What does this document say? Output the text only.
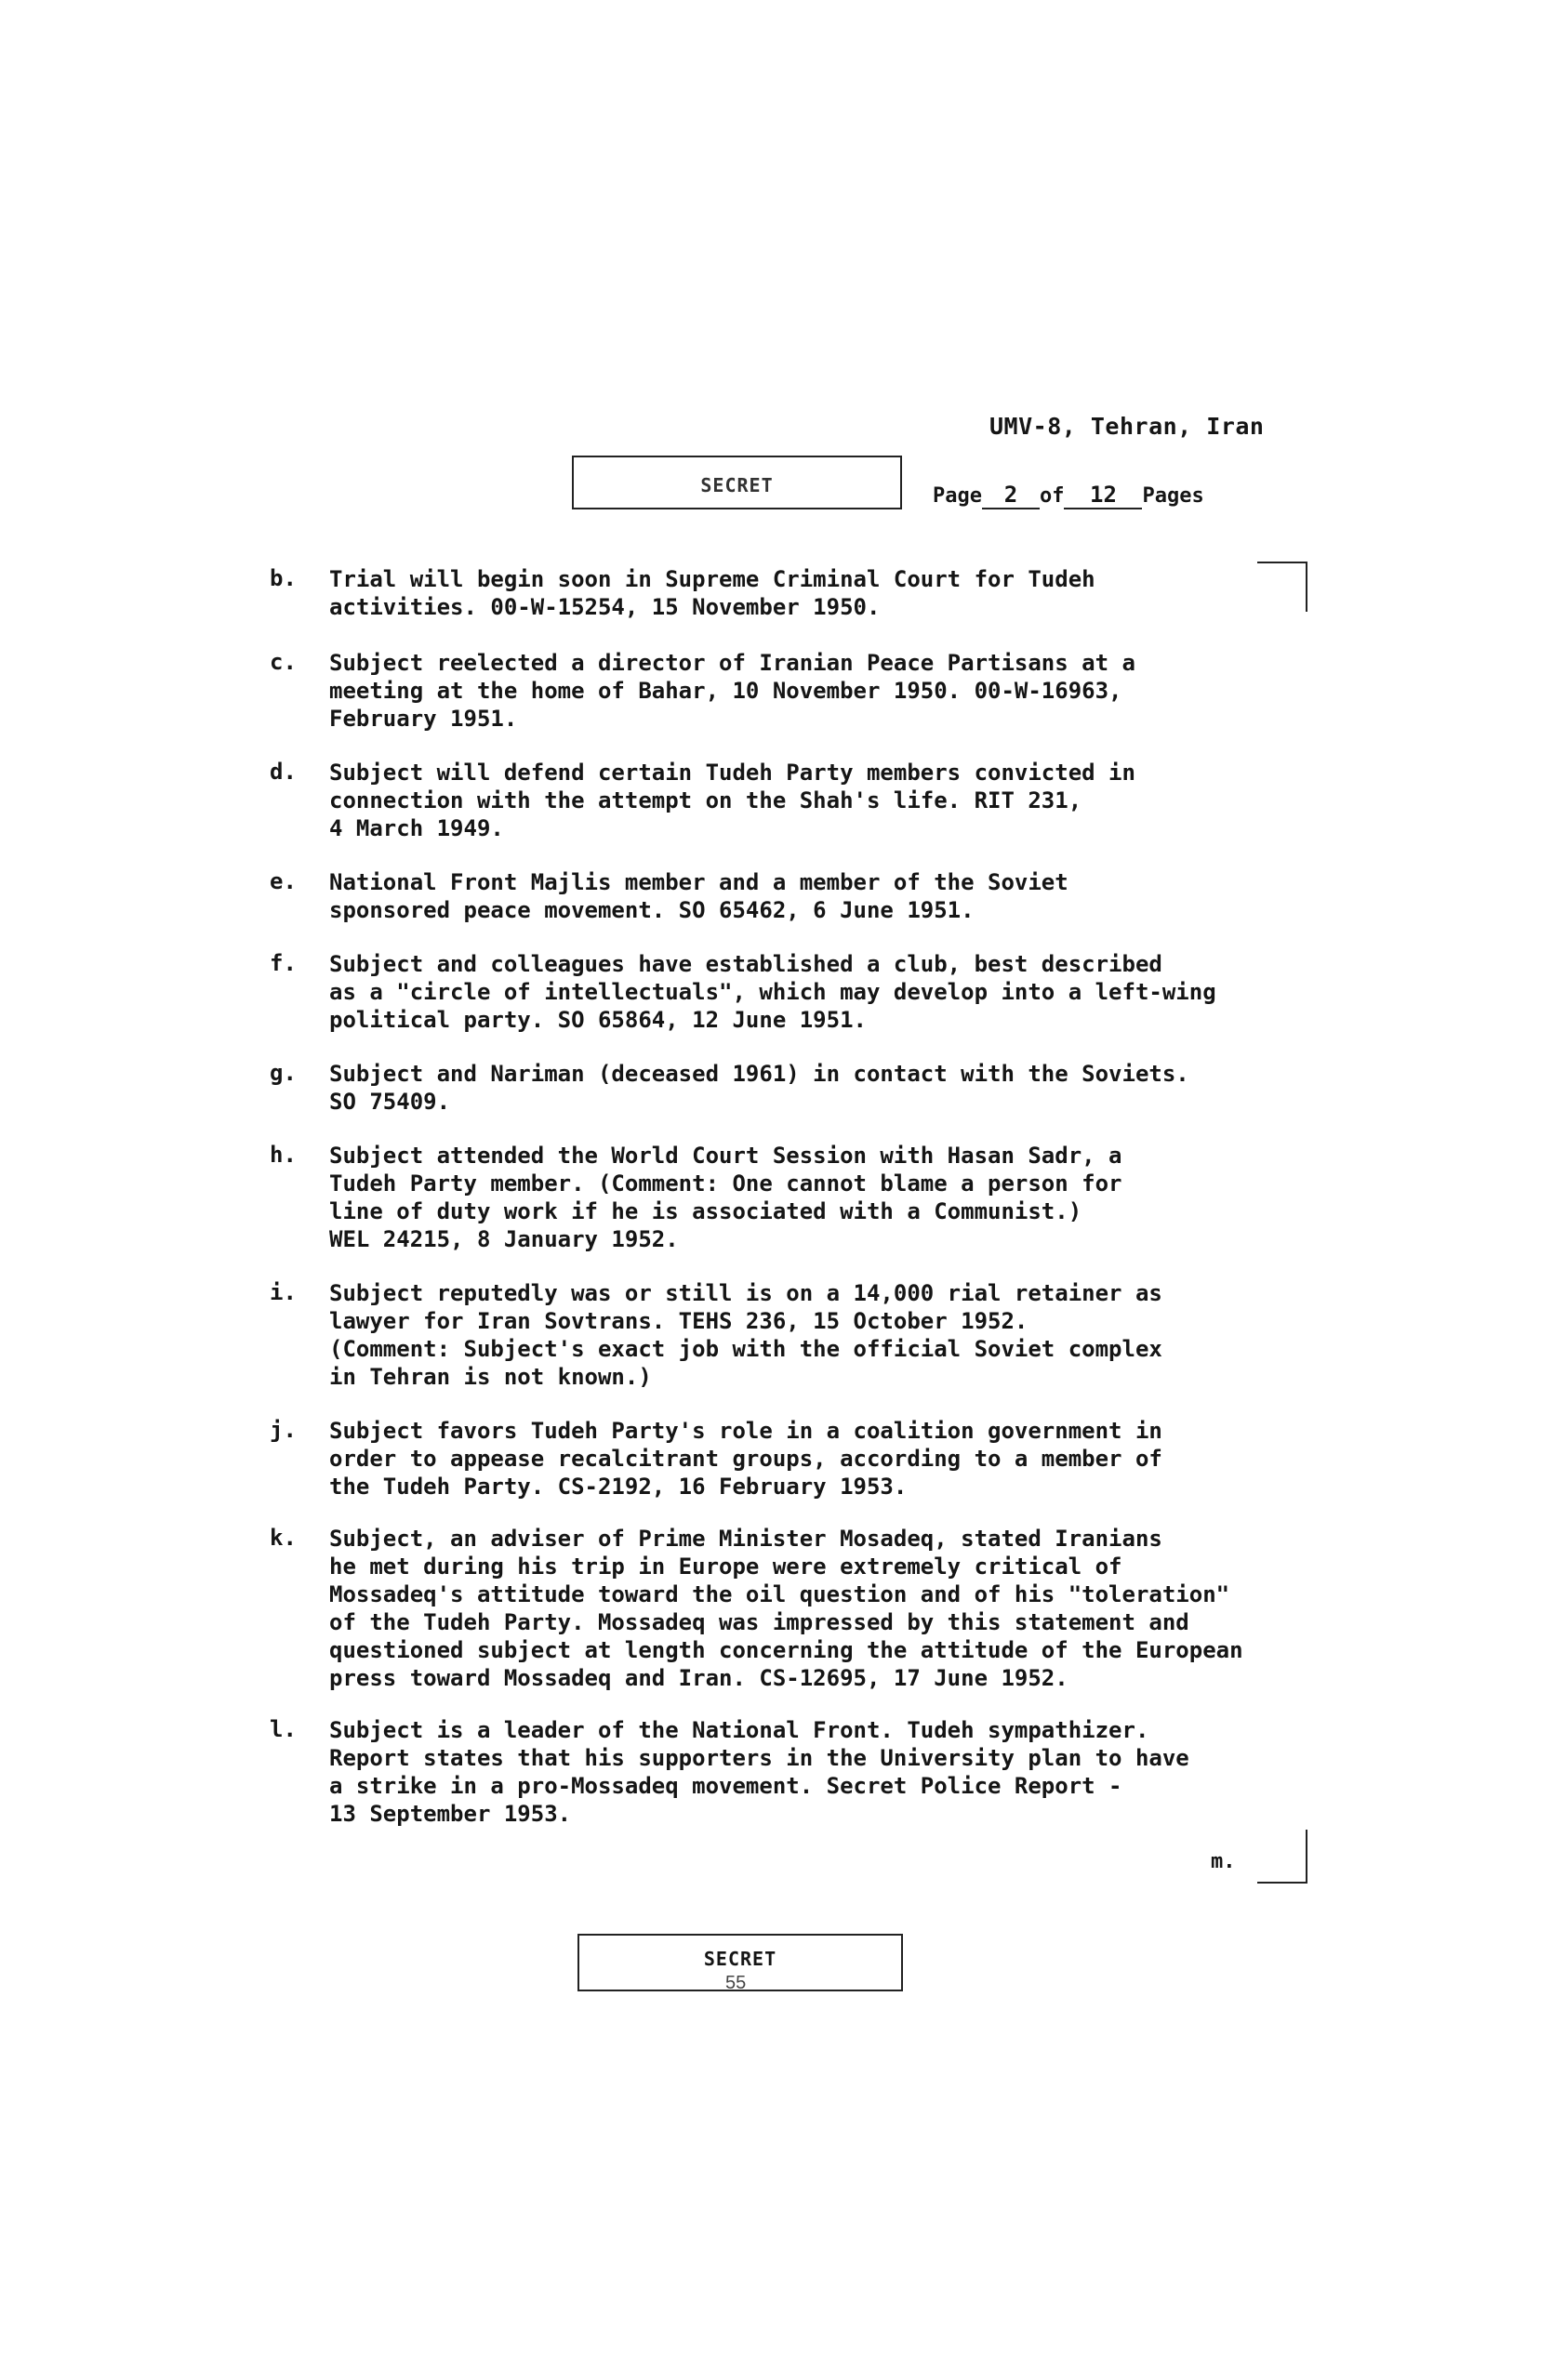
UMV-8, Tehran, Iran
SECRET	Page 2 of 12 Pages
b. Trial will begin soon in Supreme Criminal Court for Tudeh
activities. 00-W-15254, 15 November 1950.
c. Subject reelected a director of Iranian Peace Partisans at a
meeting at the home of Bahar, 10 November 1950. 00-W-16963,
February 1951.
d. Subject will defend certain Tudeh Party members convicted in
connection with the attempt on the Shah's life. RIT 231,
4 March 1949.
e. National Front Majlis member and a member of the Soviet
sponsored peace movement. SO 65462, 6 June 1951.
f. Subject and colleagues have established a club, best described
as a "circle of intellectuals", which may develop into a left-wing
political party. SO 65864, 12 June 1951.
g. Subject and Nariman (deceased 1961) in contact with the Soviets.
SO 75409.
h. Subject attended the World Court Session with Hasan Sadr, a
Tudeh Party member. (Comment: One cannot blame a person for
line of duty work if he is associated with a Communist.)
WEL 24215, 8 January 1952.
i. Subject reputedly was or still is on a 14,000 rial retainer as
lawyer for Iran Sovtrans. TEHS 236, 15 October 1952.
(Comment: Subject's exact job with the official Soviet complex
in Tehran is not known.)
j. Subject favors Tudeh Party's role in a coalition government in
order to appease recalcitrant groups, according to a member of
the Tudeh Party. CS-2192, 16 February 1953.
k. Subject, an adviser of Prime Minister Mosadeq, stated Iranians
he met during his trip in Europe were extremely critical of
Mossadeq's attitude toward the oil question and of his "toleration"
of the Tudeh Party. Mossadeq was impressed by this statement and
questioned subject at length concerning the attitude of the European
press toward Mossadeq and Iran. CS-12695, 17 June 1952.
l. Subject is a leader of the National Front. Tudeh sympathizer.
Report states that his supporters in the University plan to have
a strike in a pro-Mossadeq movement. Secret Police Report -
13 September 1953.
m.
SECRET
55
